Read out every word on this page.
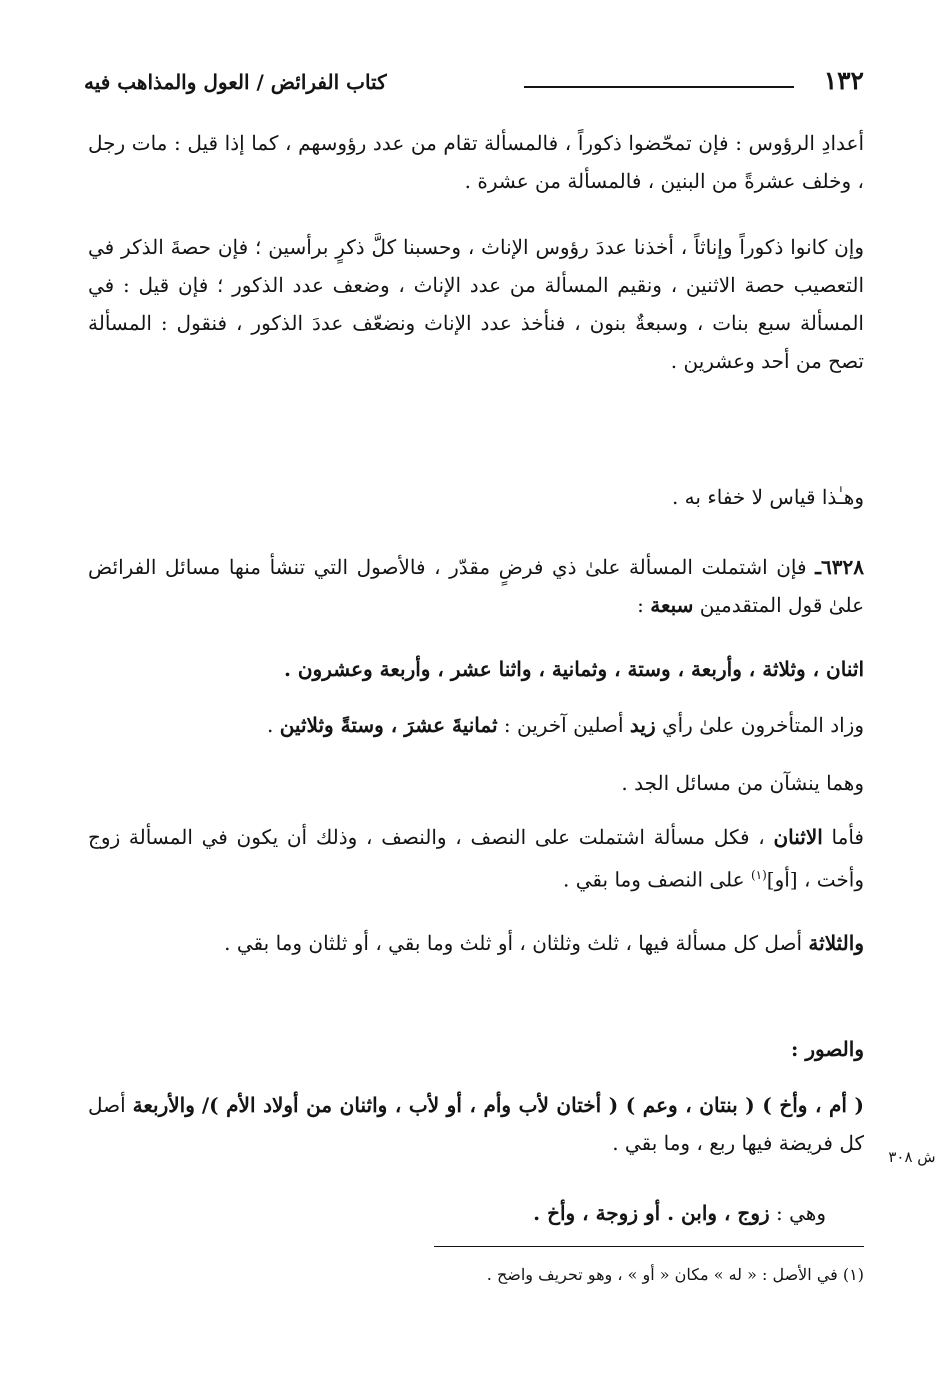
١٣٢
كتاب الفرائض / العول والمذاهب فيه

أعدادِ الرؤوس : فإن تمحّضوا ذكوراً ، فالمسألة تقام من عدد رؤوسهم ، كما إذا قيل : مات رجل ، وخلف عشرةً من البنين ، فالمسألة من عشرة .

وإن كانوا ذكوراً وإناثاً ، أخذنا عددَ رؤوس الإناث ، وحسبنا كلَّ ذكرٍ برأسين ؛ فإن حصةَ الذكر في التعصيب حصة الاثنين ، ونقيم المسألة من عدد الإناث ، وضعف عدد الذكور ؛ فإن قيل : في المسألة سبع بنات ، وسبعةٌ بنون ، فنأخذ عدد الإناث ونضعّف عددَ الذكور ، فنقول : المسألة تصح من أحد وعشرين .

وهـٰذا قياس لا خفاء به .

٦٣٢٨ـ فإن اشتملت المسألة علىٰ ذي فرضٍ مقدّر ، فالأصول التي تنشأ منها مسائل الفرائض علىٰ قول المتقدمين سبعة :

اثنان ، وثلاثة ، وأربعة ، وستة ، وثمانية ، واثنا عشر ، وأربعة وعشرون .

وزاد المتأخرون علىٰ رأي زيد أصلين آخرين : ثمانيةَ عشرَ ، وستةً وثلاثين .

وهما ينشآن من مسائل الجد .

فأما الاثنان ، فكل مسألة اشتملت على النصف ، والنصف ، وذلك أن يكون في المسألة زوج وأخت ، [أو]$^{(١)}$ على النصف وما بقي .

والثلاثة أصل كل مسألة فيها ، ثلث وثلثان ، أو ثلث وما بقي ، أو ثلثان وما بقي .

والصور :

( أم ، وأخ ) ( بنتان ، وعم ) ( أختان لأب وأم ، أو لأب ، واثنان من أولاد الأم )/ والأربعة أصل كل فريضة فيها ربع ، وما بقي .

ش ٣٠٨

وهي : زوج ، وابن . أو زوجة ، وأخ .

(١) في الأصل : « له » مكان « أو » ، وهو تحريف واضح .
